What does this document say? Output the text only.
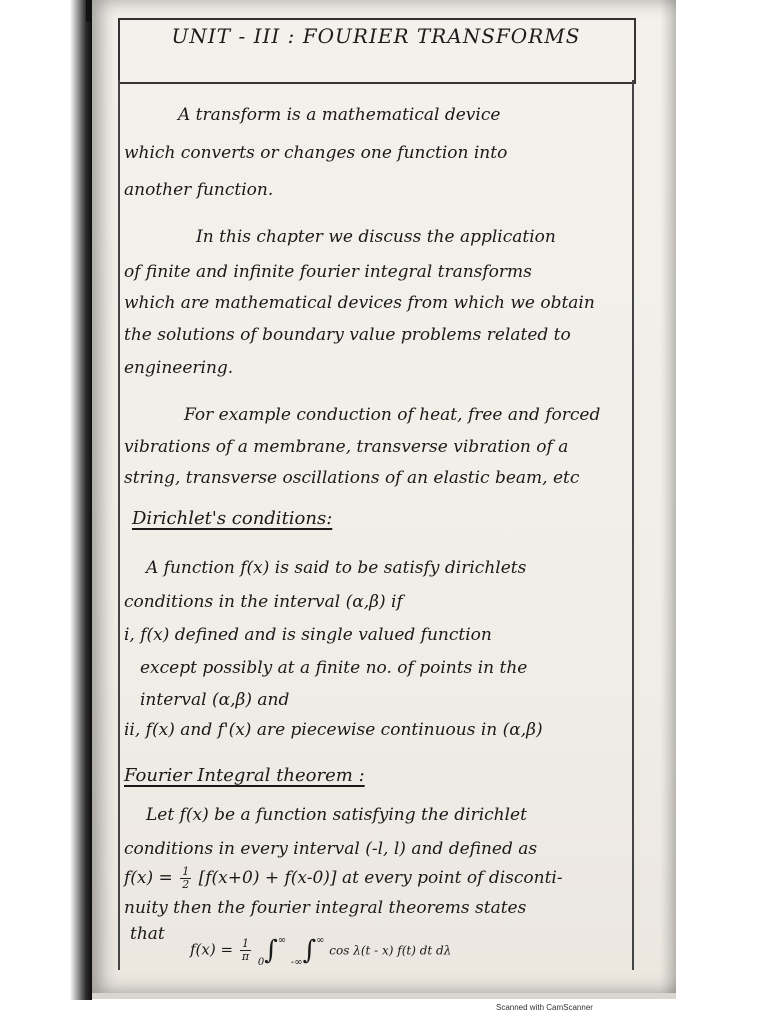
UNIT - III : FOURIER TRANSFORMS
A transform is a mathematical device
which converts or changes one function into
another function.
In this chapter we discuss the application
of finite and infinite fourier integral transforms
which are mathematical devices from which we obtain
the solutions of boundary value problems related to
engineering.
For example conduction of heat, free and forced
vibrations of a membrane, transverse vibration of a
string, transverse oscillations of an elastic beam, etc
Dirichlet's conditions:
A function f(x) is said to be satisfy dirichlets
conditions in the interval (α,β) if
i, f(x) defined and is single valued function
except possibly at a finite no. of points in the
interval (α,β) and
ii, f(x) and f'(x) are piecewise continuous in (α,β)
Fourier Integral theorem :
Let f(x) be a function satisfying the dirichlet
conditions in every interval (-l, l) and defined as
$f(x) = \frac{1}{2} [f(x+0) + f(x-0)]$ at every point of disconti-
nuity then the fourier integral theorems states
that
$f(x) = \frac{1}{\pi} _0\int^\infty$ $_{-\infty}$∫∞ cos λ(t - x) f(t) dt dλ
Scanned with CamScanner
